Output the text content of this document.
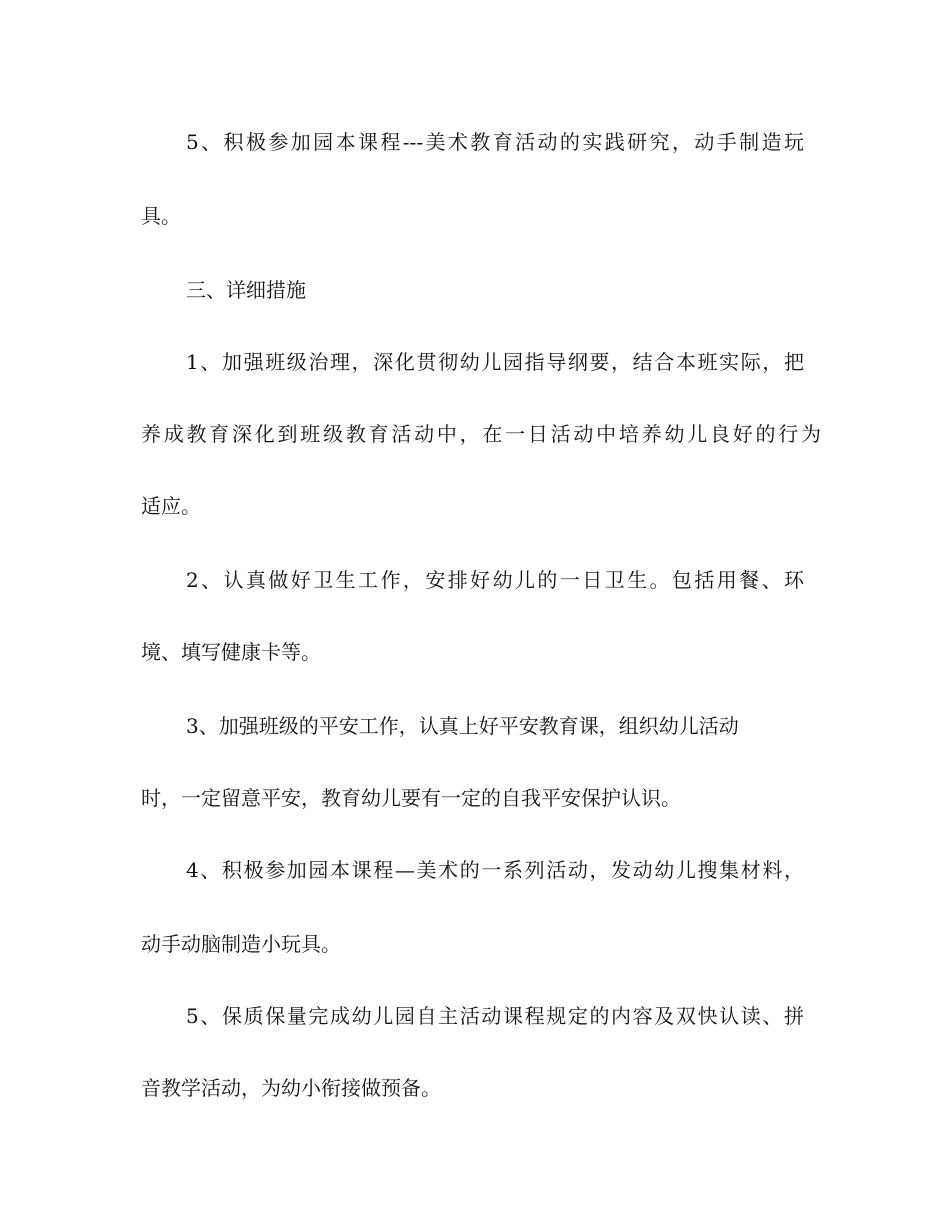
5、积极参加园本课程---美术教育活动的实践研究，动手制造玩
具。
三、详细措施
1、加强班级治理，深化贯彻幼儿园指导纲要，结合本班实际，把
养成教育深化到班级教育活动中，在一日活动中培养幼儿良好的行为
适应。
2、认真做好卫生工作，安排好幼儿的一日卫生。包括用餐、环
境、填写健康卡等。
3、加强班级的平安工作，认真上好平安教育课，组织幼儿活动
时，一定留意平安，教育幼儿要有一定的自我平安保护认识。
4、积极参加园本课程—美术的一系列活动，发动幼儿搜集材料，
动手动脑制造小玩具。
5、保质保量完成幼儿园自主活动课程规定的内容及双快认读、拼
音教学活动，为幼小衔接做预备。
